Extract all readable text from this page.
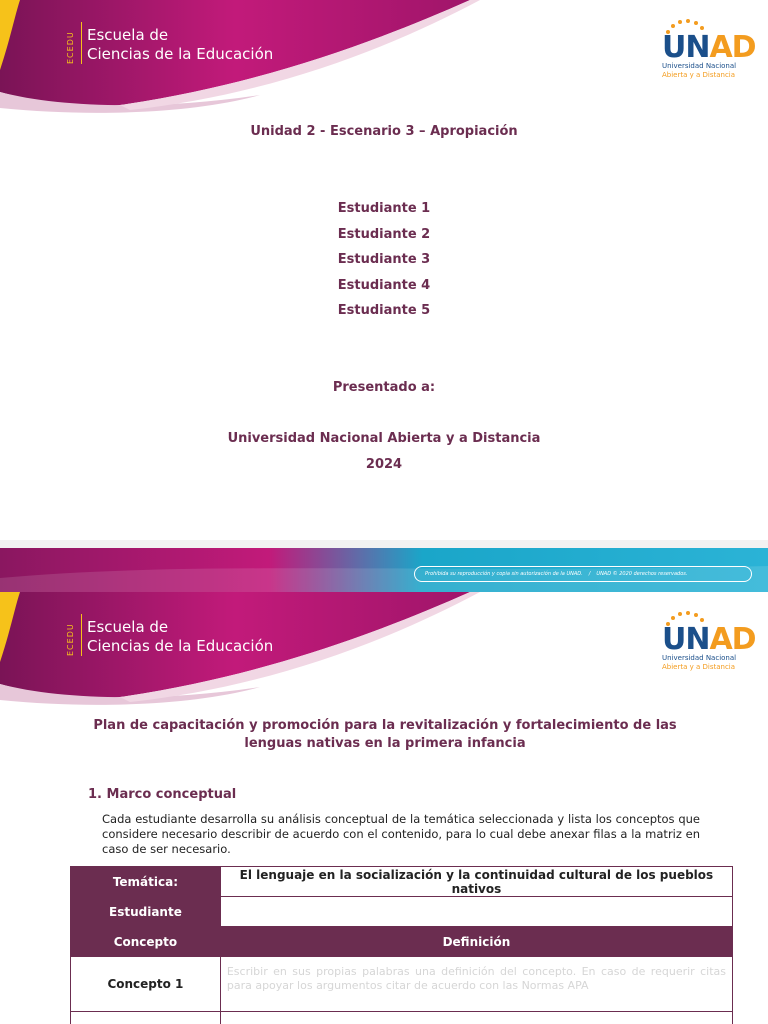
ECEDU Escuela de
Ciencias de la Educación	UNAD
Universidad Nacional
Abierta y a Distancia
Unidad 2 - Escenario 3 – Apropiación
Estudiante 1
Estudiante 2
Estudiante 3
Estudiante 4
Estudiante 5
Presentado a:
Universidad Nacional Abierta y a Distancia
2024
Prohibida su reproducción y copia sin autorización de la UNAD. / UNAD © 2020 derechos reservados.
ECEDU Escuela de
Ciencias de la Educación	UNAD
Universidad Nacional
Abierta y a Distancia
Plan de capacitación y promoción para la revitalización y fortalecimiento de las
lenguas nativas en la primera infancia
1. Marco conceptual
Cada estudiante desarrolla su análisis conceptual de la temática seleccionada y lista los conceptos que considere necesario describir de acuerdo con el contenido, para lo cual debe anexar filas a la matriz en caso de ser necesario.
Temática:	El lenguaje en la socialización y la continuidad cultural de los pueblos nativos
Estudiante	
Concepto	Definición
Concepto 1	Escribir en sus propias palabras una definición del concepto. En caso de requerir citas para apoyar los argumentos citar de acuerdo con las Normas APA
